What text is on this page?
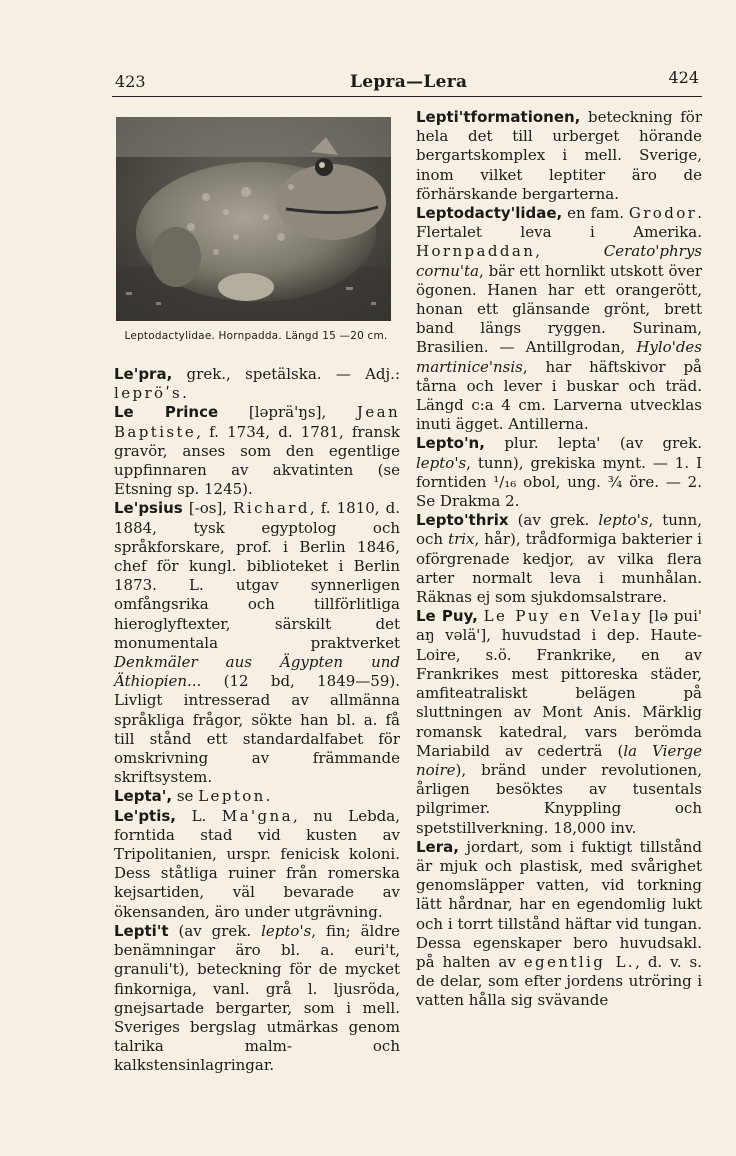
423	Lepra—Lera	424
Leptodactylidae. Hornpadda. Längd 15 —20 cm.

Le'pra, grek., spetälska. — Adj.: lepröʹs.

Le Prince [ləprä'ŋs], Jean Baptiste, f. 1734, d. 1781, fransk gravör, anses som den egentlige uppfinnaren av akvatinten (se Etsning sp. 1245).

Le'psius [-os], Richard, f. 1810, d. 1884, tysk egyptolog och språkforskare, prof. i Berlin 1846, chef för kungl. biblioteket i Berlin 1873. L. utgav synnerligen omfångsrika och tillförlitliga hieroglyftexter, särskilt det monumentala praktverket Denkmäler aus Ägypten und Äthiopien... (12 bd, 1849—59). Livligt intresserad av allmänna språkliga frågor, sökte han bl. a. få till stånd ett standardalfabet för omskrivning av främmande skriftsystem.

Lepta', se Lepton.

Le'ptis, L. Ma'gna, nu Lebda, forntida stad vid kusten av Tripolitanien, urspr. fenicisk koloni. Dess ståtliga ruiner från romerska kejsartiden, väl bevarade av ökensanden, äro under utgrävning.

Lepti't (av grek. lepto's, fin; äldre benämningar äro bl. a. euri't, granuli't), beteckning för de mycket finkorniga, vanl. grå l. ljusröda, gnejsartade bergarter, som i mell. Sveriges bergslag utmärkas genom talrika malm- och kalkstensinlagringar.

Lepti'tformationen, beteckning för hela det till urberget hörande bergartskomplex i mell. Sverige, inom vilket leptiter äro de förhärskande bergarterna.

Leptodacty'lidae, en fam. Grodor. Flertalet leva i Amerika. Hornpaddan, Cerato'phrys cornu'ta, bär ett hornlikt utskott över ögonen. Hanen har ett orangerött, honan ett glänsande grönt, brett band längs ryggen. Surinam, Brasilien. — Antillgrodan, Hylo'des martinice'nsis, har häftskivor på tårna och lever i buskar och träd. Längd c:a 4 cm. Larverna utvecklas inuti ägget. Antillerna.

Lepto'n, plur. lepta' (av grek. lepto's, tunn), grekiska mynt. — 1. I forntiden ¹/₁₆ obol, ung. ¾ öre. — 2. Se Drakma 2.

Lepto'thrix (av grek. lepto's, tunn, och trix, hår), trådformiga bakterier i oförgrenade kedjor, av vilka flera arter normalt leva i munhålan. Räknas ej som sjukdomsalstrare.

Le Puy, Le Puy en Velay [lə pui' aŋ vəlä'], huvudstad i dep. Haute-Loire, s.ö. Frankrike, en av Frankrikes mest pittoreska städer, amfiteatraliskt belägen på sluttningen av Mont Anis. Märklig romansk katedral, vars berömda Mariabild av cederträ (la Vierge noire), bränd under revolutionen, årligen besöktes av tusentals pilgrimer. Knyppling och spetstillverkning. 18,000 inv.

Lera, jordart, som i fuktigt tillstånd är mjuk och plastisk, med svårighet genomsläpper vatten, vid torkning lätt hårdnar, har en egendomlig lukt och i torrt tillstånd häftar vid tungan. Dessa egenskaper bero huvudsakl. på halten av egentlig L., d. v. s. de delar, som efter jordens utröring i vatten hålla sig svävande
